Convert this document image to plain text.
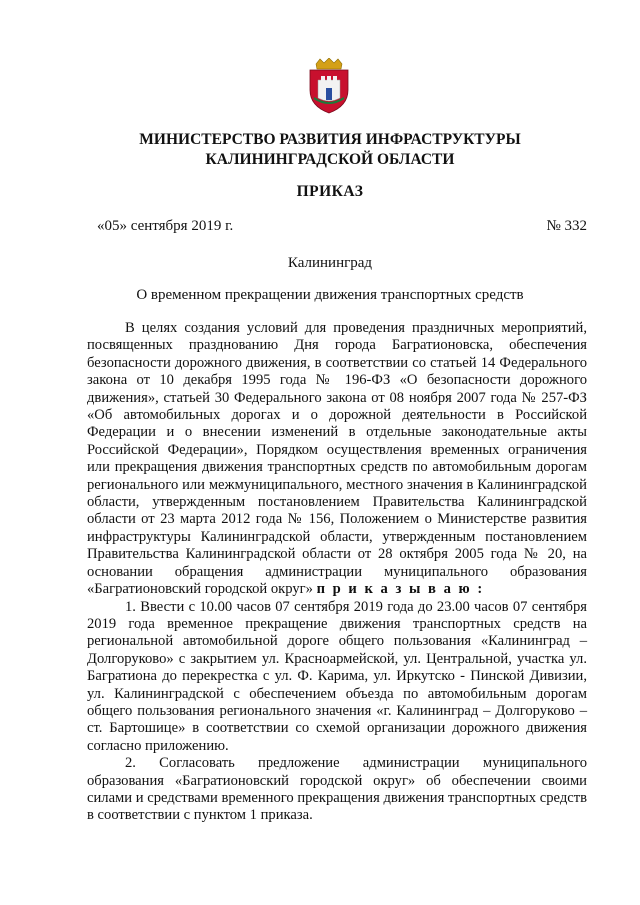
МИНИСТЕРСТВО РАЗВИТИЯ ИНФРАСТРУКТУРЫ
КАЛИНИНГРАДСКОЙ ОБЛАСТИ
ПРИКАЗ
«05» сентября 2019 г.	№ 332
Калининград
О временном прекращении движения транспортных средств

В целях создания условий для проведения праздничных мероприятий, посвященных празднованию Дня города Багратионовска, обеспечения безопасности дорожного движения, в соответствии со статьей 14 Федерального закона от 10 декабря 1995 года № 196-ФЗ «О безопасности дорожного движения», статьей 30 Федерального закона от 08 ноября 2007 года № 257-ФЗ «Об автомобильных дорогах и о дорожной деятельности в Российской Федерации и о внесении изменений в отдельные законодательные акты Российской Федерации», Порядком осуществления временных ограничения или прекращения движения транспортных средств по автомобильным дорогам регионального или межмуниципального, местного значения в Калининградской области, утвержденным постановлением Правительства Калининградской области от 23 марта 2012 года № 156, Положением о Министерстве развития инфраструктуры Калининградской области, утвержденным постановлением Правительства Калининградской области от 28 октября 2005 года № 20, на основании обращения администрации муниципального образования «Багратионовский городской округ» п р и к а з ы в а ю :

1. Ввести с 10.00 часов 07 сентября 2019 года до 23.00 часов 07 сентября 2019 года временное прекращение движения транспортных средств на региональной автомобильной дороге общего пользования «Калининград – Долгоруково» с закрытием ул. Красноармейской, ул. Центральной, участка ул. Багратиона до перекрестка с ул. Ф. Карима, ул. Иркутско - Пинской Дивизии, ул. Калининградской с обеспечением объезда по автомобильным дорогам общего пользования регионального значения «г. Калининград – Долгоруково – ст. Бартошице» в соответствии со схемой организации дорожного движения согласно приложению.

2. Согласовать предложение администрации муниципального образования «Багратионовский городской округ» об обеспечении своими силами и средствами временного прекращения движения транспортных средств в соответствии с пунктом 1 приказа.
